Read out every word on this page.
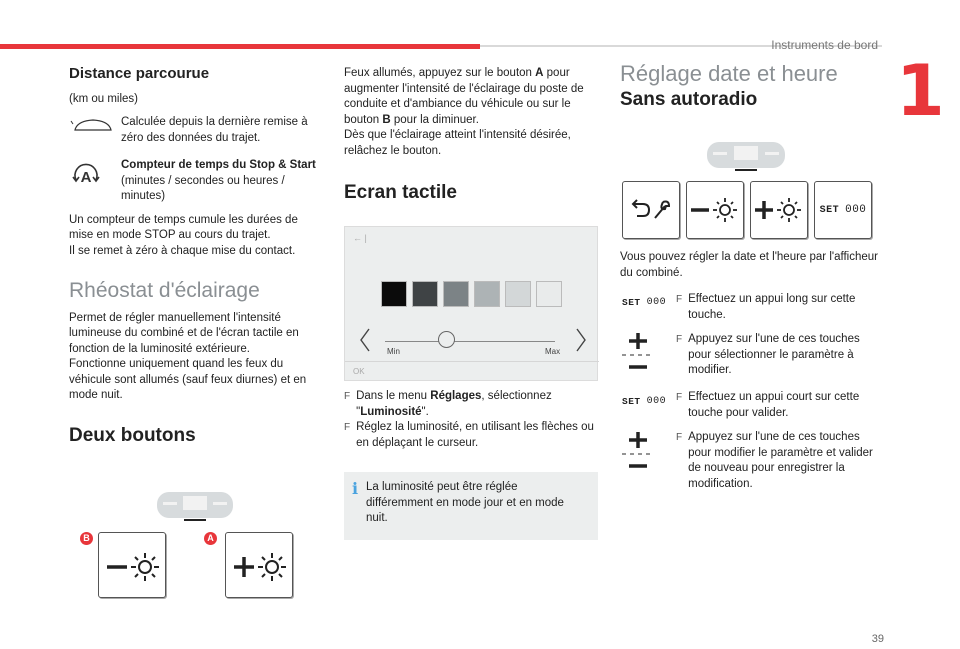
Instruments de bord
1
Distance parcourue

(km ou miles)

Calculée depuis la dernière remise à zéro des données du trajet.

A

Compteur de temps du Stop & Start

(minutes / secondes ou heures / minutes)

Un compteur de temps cumule les durées de mise en mode STOP au cours du trajet.

Il se remet à zéro à chaque mise du contact.

Rhéostat d'éclairage

Permet de régler manuellement l'intensité lumineuse du combiné et de l'écran tactile en fonction de la luminosité extérieure.

Fonctionne uniquement quand les feux du véhicule sont allumés (sauf feux diurnes) et en mode nuit.

Deux boutons
B	A

Feux allumés, appuyez sur le bouton A pour augmenter l'intensité de l'éclairage du poste de conduite et d'ambiance du véhicule ou sur le bouton B pour la diminuer.

Dès que l'éclairage atteint l'intensité désirée, relâchez le bouton.

Ecran tactile
← |
Min	Max
OK
F Dans le menu Réglages, sélectionnez
"Luminosité".

F Réglez la luminosité, en utilisant les flèches ou en déplaçant le curseur.

i La luminosité peut être réglée différemment en mode jour et en mode nuit.

Réglage date et heure
Sans autoradio
SET 000

Vous pouvez régler la date et l'heure par l'afficheur du combiné.

SET 000
SET 000
F Effectuez un appui long sur cette touche.

F Appuyez sur l'une de ces touches pour sélectionner le paramètre à modifier.

F Effectuez un appui court sur cette touche pour valider.

F Appuyez sur l'une de ces touches pour modifier le paramètre et valider de nouveau pour enregistrer la modification.

39
